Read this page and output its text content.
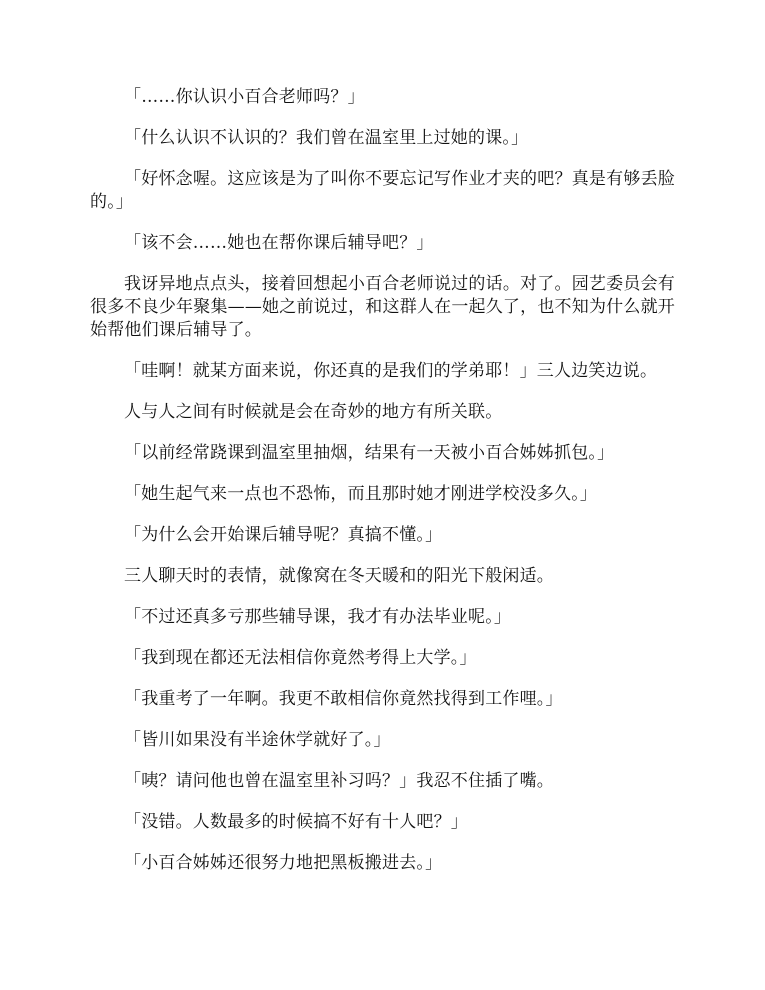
「……你认识小百合老师吗？」

「什么认识不认识的？我们曾在温室里上过她的课。」

「好怀念喔。这应该是为了叫你不要忘记写作业才夹的吧？真是有够丢脸的。」

「该不会……她也在帮你课后辅导吧？」

我讶异地点点头，接着回想起小百合老师说过的话。对了。园艺委员会有很多不良少年聚集——她之前说过，和这群人在一起久了，也不知为什么就开始帮他们课后辅导了。

「哇啊！就某方面来说，你还真的是我们的学弟耶！」三人边笑边说。

人与人之间有时候就是会在奇妙的地方有所关联。

「以前经常跷课到温室里抽烟，结果有一天被小百合姊姊抓包。」

「她生起气来一点也不恐怖，而且那时她才刚进学校没多久。」

「为什么会开始课后辅导呢？真搞不懂。」

三人聊天时的表情，就像窝在冬天暖和的阳光下般闲适。

「不过还真多亏那些辅导课，我才有办法毕业呢。」

「我到现在都还无法相信你竟然考得上大学。」

「我重考了一年啊。我更不敢相信你竟然找得到工作哩。」

「皆川如果没有半途休学就好了。」

「咦？请问他也曾在温室里补习吗？」我忍不住插了嘴。

「没错。人数最多的时候搞不好有十人吧？」

「小百合姊姊还很努力地把黑板搬进去。」
